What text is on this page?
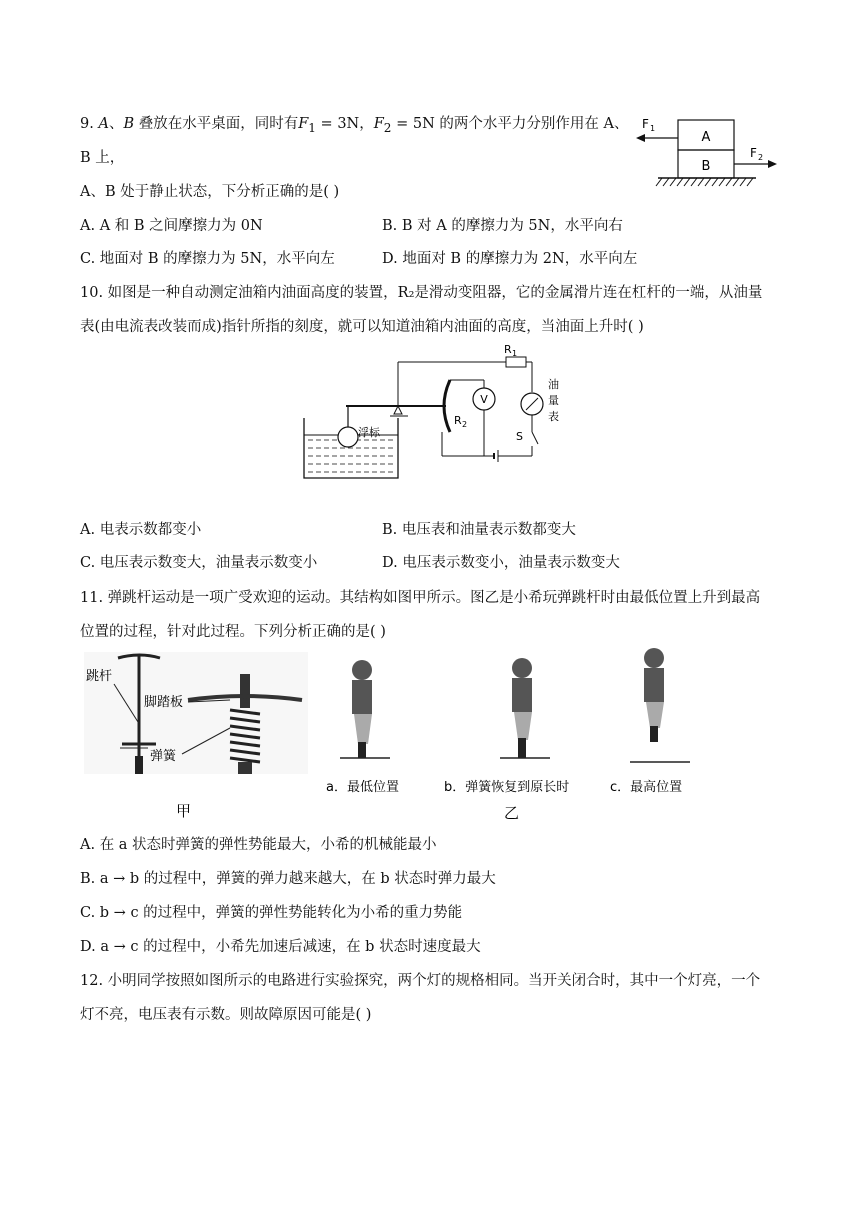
9. A、B 叠放在水平桌面，同时有$F_1 = 3N$，$F_2 = 5N$ 的两个水平力分别作用在 A、
B 上，
A、B 处于静止状态，下分析正确的是( )
A. A 和 B 之间摩擦力为 0N	B. B 对 A 的摩擦力为 5N，水平向右
C. 地面对 B 的摩擦力为 5N，水平向左	D. 地面对 B 的摩擦力为 2N，水平向左
A
B
F 1
F 2
10. 如图是一种自动测定油箱内油面高度的装置，R₂是滑动变阻器，它的金属滑片连在杠杆的一端，从油量
表(由电流表改装而成)指针所指的刻度，就可以知道油箱内油面的高度，当油面上升时( )
浮标
R 2
R 1
油
量
表
S
V
A. 电表示数都变小	B. 电压表和油量表示数都变大
C. 电压表示数变大，油量表示数变小	D. 电压表示数变小，油量表示数变大
11. 弹跳杆运动是一项广受欢迎的运动。其结构如图甲所示。图乙是小希玩弹跳杆时由最低位置上升到最高
位置的过程，针对此过程。下列分析正确的是( )
跳杆
脚踏板
弹簧
甲
a．最低位置	b．弹簧恢复到原长时	c．最高位置
乙
A. 在 a 状态时弹簧的弹性势能最大，小希的机械能最小
B. a → b 的过程中，弹簧的弹力越来越大，在 b 状态时弹力最大
C. b → c 的过程中，弹簧的弹性势能转化为小希的重力势能
D. a → c 的过程中，小希先加速后减速，在 b 状态时速度最大
12. 小明同学按照如图所示的电路进行实验探究，两个灯的规格相同。当开关闭合时，其中一个灯亮，一个
灯不亮，电压表有示数。则故障原因可能是( )
